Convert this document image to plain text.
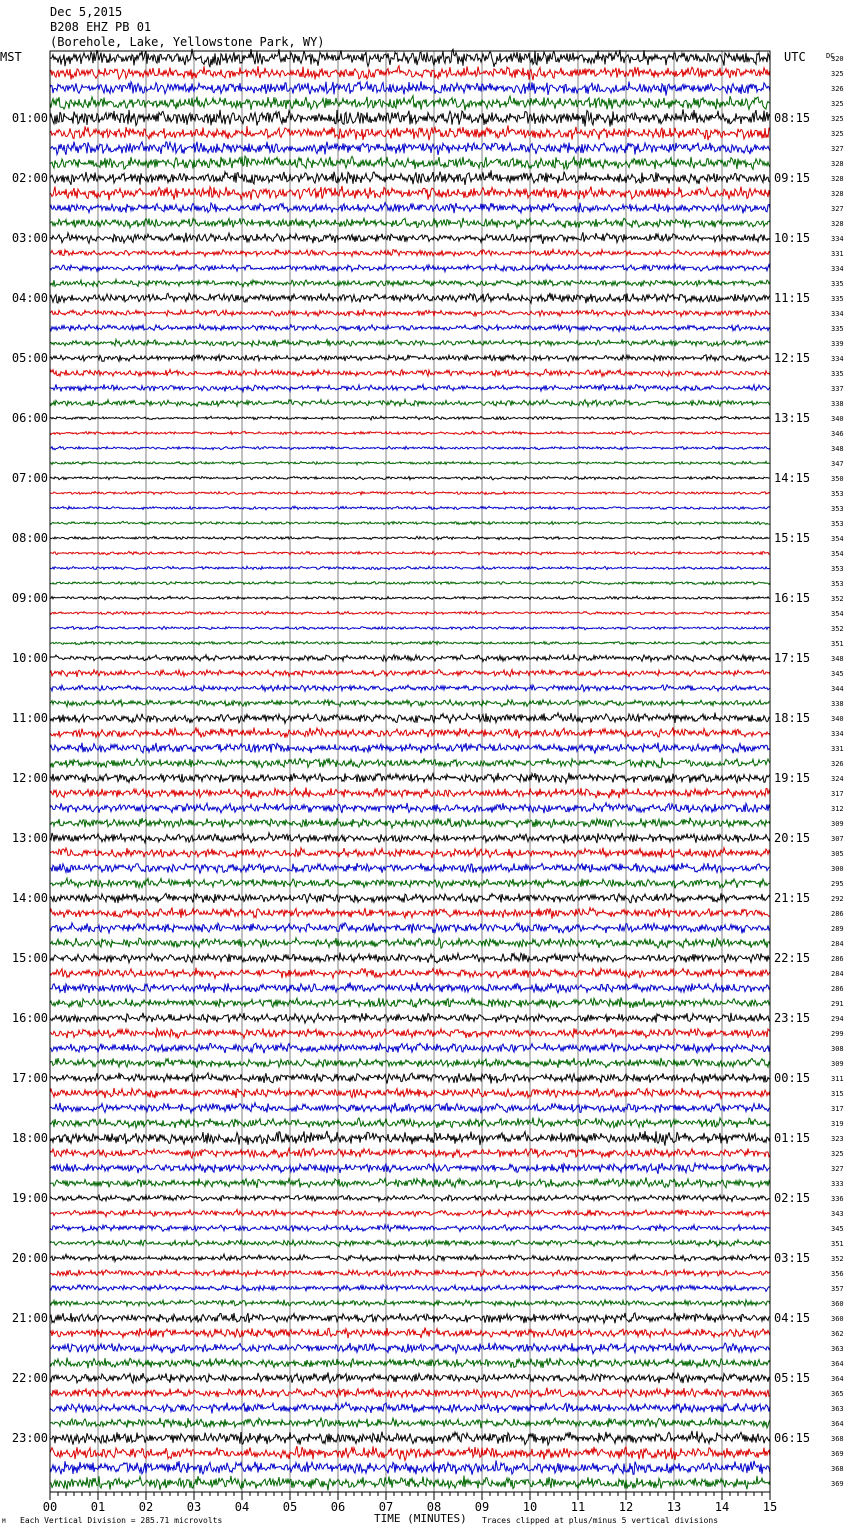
Dec 5,2015
B208 EHZ PB 01
(Borehole, Lake, Yellowstone Park, WY)
MST	UTC	DC
01:00
02:00
03:00
04:00
05:00
06:00
07:00
08:00
09:00
10:00
11:00
12:00
13:00
14:00
15:00
16:00
17:00
18:00
19:00
20:00
21:00
22:00
23:00
08:15
09:15
10:15
11:15
12:15
13:15
14:15
15:15
16:15
17:15
18:15
19:15
20:15
21:15
22:15
23:15
00:15
01:15
02:15
03:15
04:15
05:15
06:15
320
325
326
325
325
325
327
328
328
328
327
328
334
331
334
335
335
334
335
339
334
335
337
338
340
346
348
347
350
353
353
353
354
354
353
353
352
354
352
351
348
345
344
338
340
334
331
326
324
317
312
309
307
305
300
295
292
286
289
284
286
284
286
291
294
299
308
309
311
315
317
319
323
325
327
333
336
343
345
351
352
356
357
360
360
362
363
364
364
365
363
364
368
369
368
369
00	01	02	03	04	05	06	07	08	09	10	11	12	13	14	15
M Each Vertical Division = 285.71 microvolts	TIME (MINUTES) Traces clipped at plus/minus 5 vertical divisions
